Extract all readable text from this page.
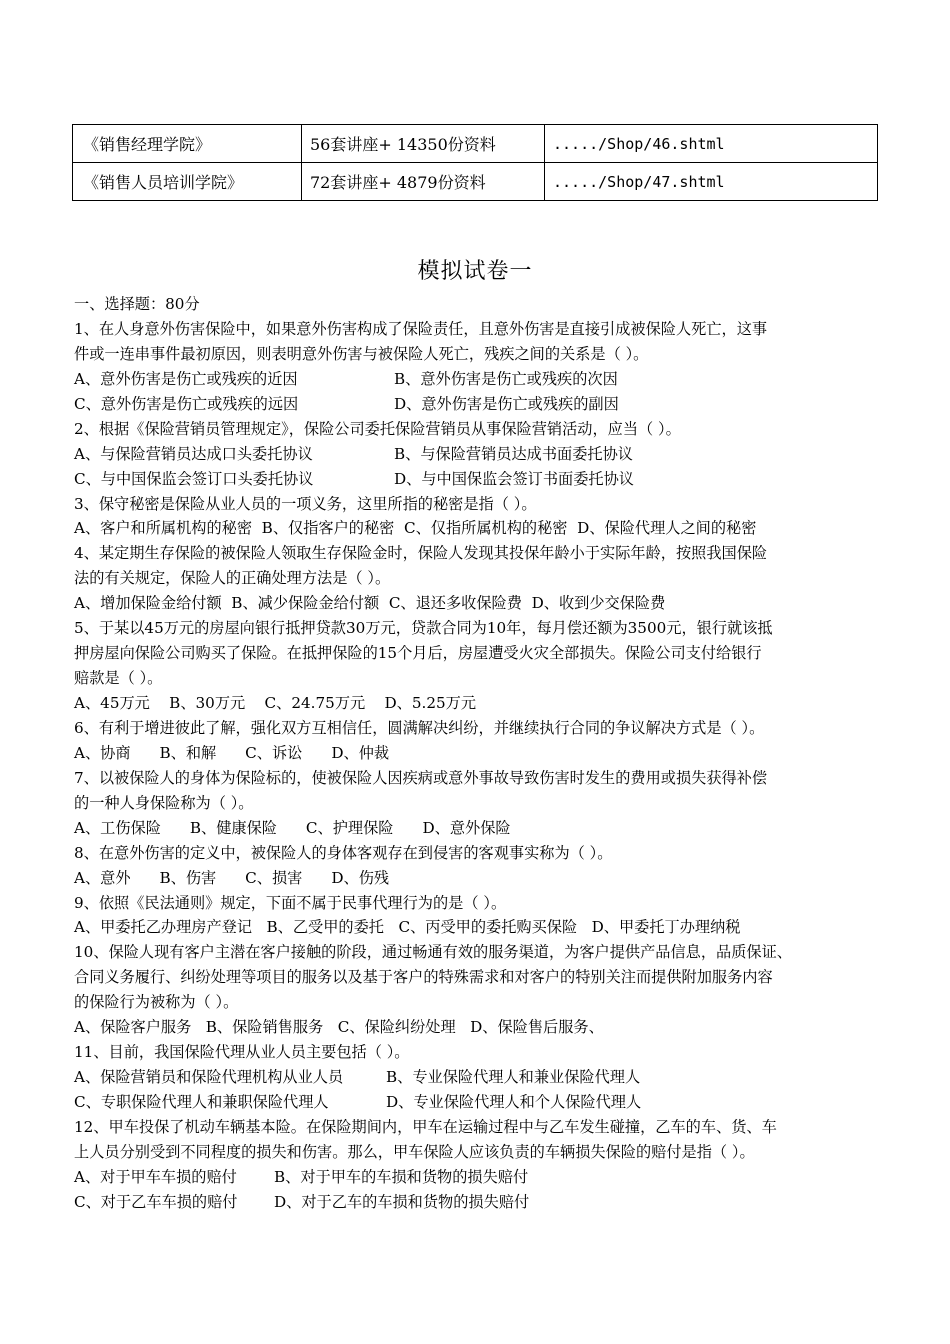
《销售经理学院》	56套讲座+ 14350份资料	...../Shop/46.shtml
《销售人员培训学院》	72套讲座+ 4879份资料	...../Shop/47.shtml
模拟试卷一
一、选择题：80分
1、在人身意外伤害保险中，如果意外伤害构成了保险责任，且意外伤害是直接引成被保险人死亡，这事
件或一连串事件最初原因，则表明意外伤害与被保险人死亡，残疾之间的关系是（ ）。
A、意外伤害是伤亡或残疾的近因	B、意外伤害是伤亡或残疾的次因
C、意外伤害是伤亡或残疾的远因	D、意外伤害是伤亡或残疾的副因
2、根据《保险营销员管理规定》，保险公司委托保险营销员从事保险营销活动，应当（ ）。
A、与保险营销员达成口头委托协议	B、与保险营销员达成书面委托协议
C、与中国保监会签订口头委托协议	D、与中国保监会签订书面委托协议
3、保守秘密是保险从业人员的一项义务，这里所指的秘密是指（ ）。
A、客户和所属机构的秘密  B、仅指客户的秘密  C、仅指所属机构的秘密  D、保险代理人之间的秘密
4、某定期生存保险的被保险人领取生存保险金时，保险人发现其投保年龄小于实际年龄，按照我国保险
法的有关规定，保险人的正确处理方法是（ ）。
A、增加保险金给付额  B、减少保险金给付额  C、退还多收保险费  D、收到少交保险费
5、于某以45万元的房屋向银行抵押贷款30万元，贷款合同为10年，每月偿还额为3500元，银行就该抵
押房屋向保险公司购买了保险。在抵押保险的15个月后，房屋遭受火灾全部损失。保险公司支付给银行
赔款是（ ）。
A、45万元    B、30万元    C、24.75万元    D、5.25万元
6、有利于增进彼此了解，强化双方互相信任，圆满解决纠纷，并继续执行合同的争议解决方式是（ ）。
A、协商      B、和解      C、诉讼      D、仲裁
7、以被保险人的身体为保险标的，使被保险人因疾病或意外事故导致伤害时发生的费用或损失获得补偿
的一种人身保险称为（ ）。
A、工伤保险      B、健康保险      C、护理保险      D、意外保险
8、在意外伤害的定义中，被保险人的身体客观存在到侵害的客观事实称为（ ）。
A、意外      B、伤害      C、损害      D、伤残
9、依照《民法通则》规定，下面不属于民事代理行为的是（ ）。
A、甲委托乙办理房产登记   B、乙受甲的委托   C、丙受甲的委托购买保险   D、甲委托丁办理纳税
10、保险人现有客户主潜在客户接触的阶段，通过畅通有效的服务渠道，为客户提供产品信息，品质保证、
合同义务履行、纠纷处理等项目的服务以及基于客户的特殊需求和对客户的特别关注而提供附加服务内容
的保险行为被称为（ ）。
A、保险客户服务   B、保险销售服务   C、保险纠纷处理   D、保险售后服务、
11、目前，我国保险代理从业人员主要包括（ ）。
A、保险营销员和保险代理机构从业人员	B、专业保险代理人和兼业保险代理人
C、专职保险代理人和兼职保险代理人	D、专业保险代理人和个人保险代理人
12、甲车投保了机动车辆基本险。在保险期间内，甲车在运输过程中与乙车发生碰撞，乙车的车、货、车
上人员分别受到不同程度的损失和伤害。那么，甲车保险人应该负责的车辆损失保险的赔付是指（ ）。
A、对于甲车车损的赔付 B、对于甲车的车损和货物的损失赔付
C、对于乙车车损的赔付 D、对于乙车的车损和货物的损失赔付
